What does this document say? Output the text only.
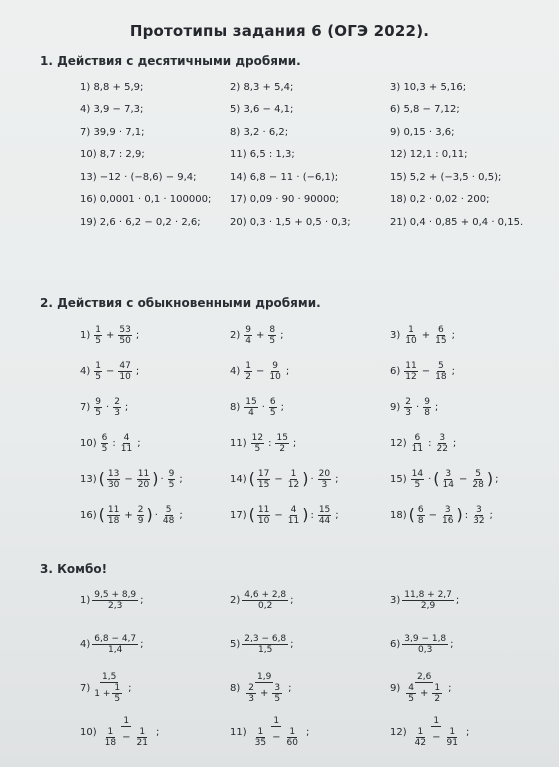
Прототипы задания 6 (ОГЭ 2022).
1. Действия с десятичными дробями.
1) 8,8 + 5,9;	2) 8,3 + 5,4;	3) 10,3 + 5,16;
4) 3,9 − 7,3;	5) 3,6 − 4,1;	6) 5,8 − 7,12;
7) 39,9 · 7,1;	8) 3,2 · 6,2;	9) 0,15 · 3,6;
10) 8,7 : 2,9;	11) 6,5 : 1,3;	12) 12,1 : 0,11;
13) −12 · (−8,6) − 9,4;	14) 6,8 − 11 · (−6,1);	15) 5,2 + (−3,5 · 0,5);
16) 0,0001 · 0,1 · 100000; 17) 0,09 · 90 · 90000;	18) 0,2 · 0,02 · 200;
19) 2,6 · 6,2 − 0,2 · 2,6;	20) 0,3 · 1,5 + 0,5 · 0,3;	21) 0,4 · 0,85 + 0,4 · 0,15.
2. Действия с обыкновенными дробями.
$1) \frac{1}{5} + \frac{53}{50}$ ;	$2) \frac{9}{4} + \frac{8}{5}$ ;	$3) \frac{1}{10} + \frac{6}{15}$ ;
$4) \frac{1}{5} - \frac{47}{10}$ ;	$4) \frac{1}{2} - \frac{9}{10}$ ;	$6) \frac{11}{12} - \frac{5}{18}$ ;
$7) \frac{9}{5} \cdot \frac{2}{3}$ ;	$8) \frac{15}{4} \cdot \frac{6}{5}$ ;	$9) \frac{2}{3} \cdot \frac{9}{8}$ ;
$10) \frac{6}{5}$ : $\frac{4}{11}$ ;	$11) \frac{12}{5}$ : $\frac{15}{2}$ ;	$12) \frac{6}{11}$ : $\frac{3}{22}$ ;
13) ( $\frac{13}{30} - \frac{11}{20}$ ) · $\frac{9}{5}$ ;	14) ( $\frac{17}{15} - \frac{1}{12}$ ) · $\frac{20}{3}$ ;	$15) \frac{14}{5}$ · ( $\frac{3}{14} - \frac{5}{28}$ ) ;
16) ( $\frac{11}{18} + \frac{2}{9}$ ) · $\frac{5}{48}$ ;	17) ( $\frac{11}{10} - \frac{4}{11}$ ) : $\frac{15}{44}$ ;	18) ( $\frac{6}{8} - \frac{3}{16}$ ) : $\frac{3}{32}$ ;
3. Комбо!
$1) \frac{9,5 + 8,9}{2,3}$ ;	$2) \frac{4,6 + 2,8}{0,2}$ ;	$3) \frac{11,8 + 2,7}{2,9}$ ;
$4) \frac{6,8 - 4,7}{1,4}$ ;	$5) \frac{2,3 - 6,8}{1,5}$ ;	$6) \frac{3,9 - 1,8}{0,3}$ ;
$7) \frac{1,5}{1 + \frac{1}{5}}$ ;	$8) \frac{1,9}{\frac{2}{3} + \frac{3}{5}}$ ;	$9) \frac{2,6}{\frac{4}{5} + \frac{1}{2}}$ ;
$10) \frac{1}{\frac{1}{18} - \frac{1}{21}}$ ;	$11) \frac{1}{\frac{1}{35} - \frac{1}{60}}$ ;	$12) \frac{1}{\frac{1}{42} - \frac{1}{91}}$ ;
